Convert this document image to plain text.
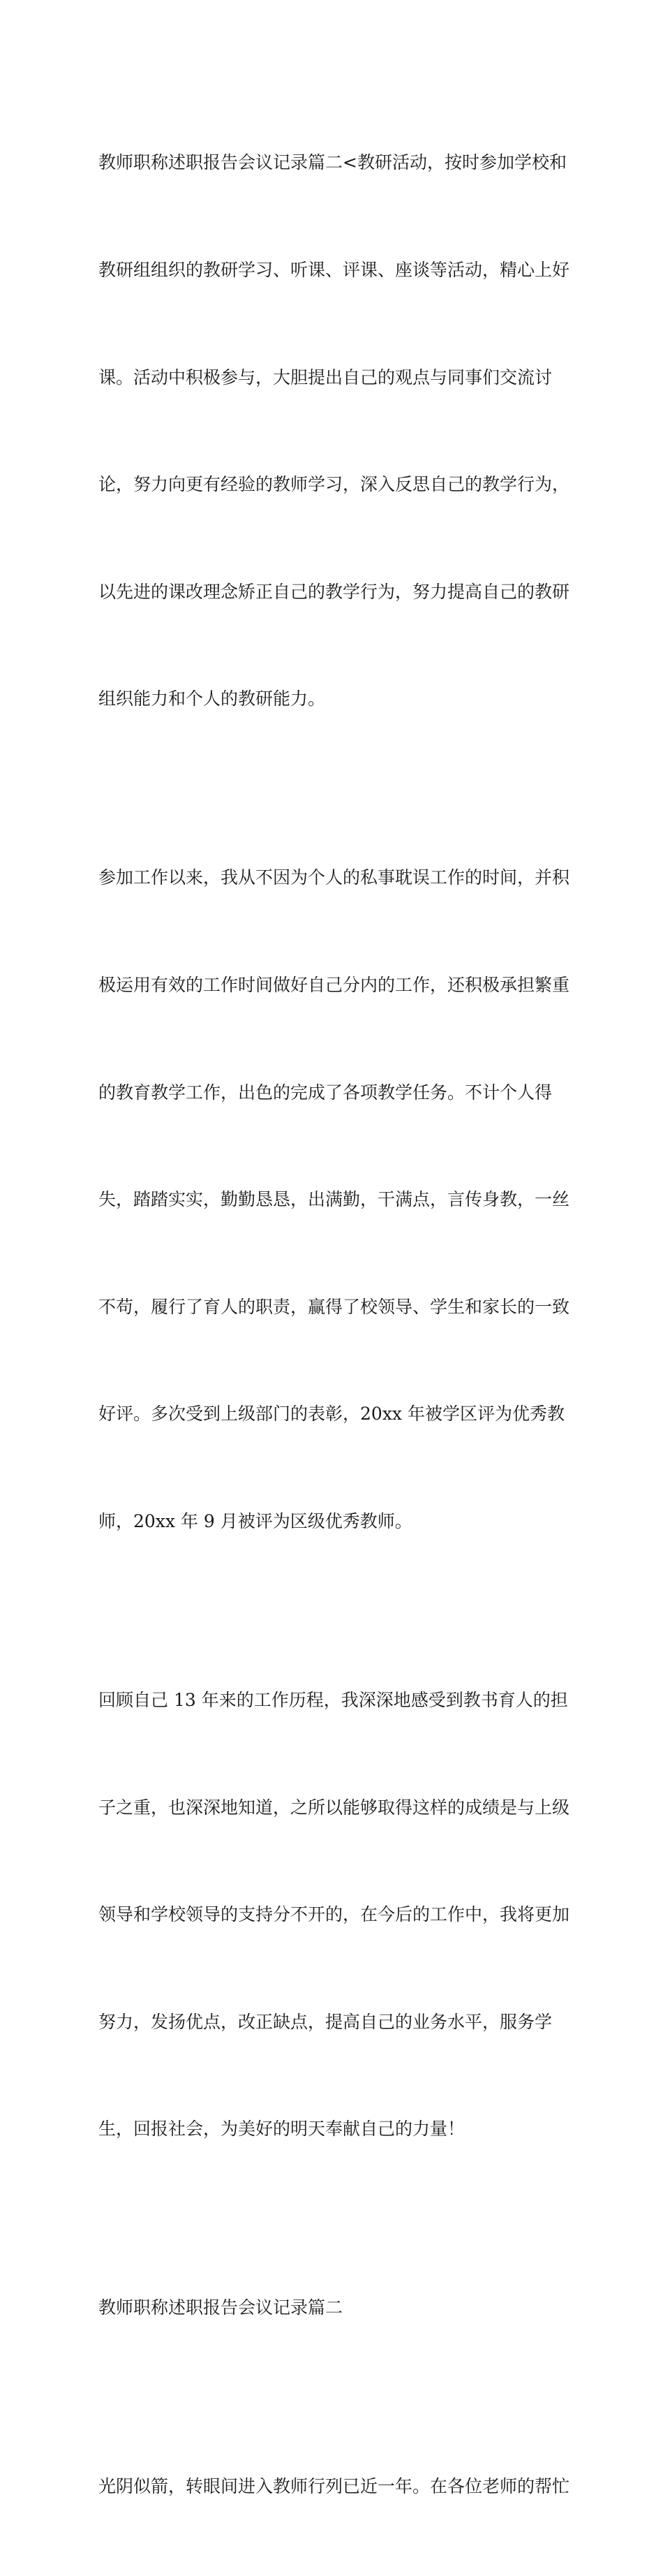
教师职称述职报告会议记录篇二<教研活动，按时参加学校和

教研组组织的教研学习、听课、评课、座谈等活动，精心上好

课。活动中积极参与，大胆提出自己的观点与同事们交流讨

论，努力向更有经验的教师学习，深入反思自己的教学行为，

以先进的课改理念矫正自己的教学行为，努力提高自己的教研

组织能力和个人的教研能力。

参加工作以来，我从不因为个人的私事耽误工作的时间，并积

极运用有效的工作时间做好自己分内的工作，还积极承担繁重

的教育教学工作，出色的完成了各项教学任务。不计个人得

失，踏踏实实，勤勤恳恳，出满勤，干满点，言传身教，一丝

不苟，履行了育人的职责，赢得了校领导、学生和家长的一致

好评。多次受到上级部门的表彰，20xx 年被学区评为优秀教

师，20xx 年 9 月被评为区级优秀教师。

回顾自己 13 年来的工作历程，我深深地感受到教书育人的担

子之重，也深深地知道，之所以能够取得这样的成绩是与上级

领导和学校领导的支持分不开的，在今后的工作中，我将更加

努力，发扬优点，改正缺点，提高自己的业务水平，服务学

生，回报社会，为美好的明天奉献自己的力量！

教师职称述职报告会议记录篇二

光阴似箭，转眼间进入教师行列已近一年。在各位老师的帮忙
